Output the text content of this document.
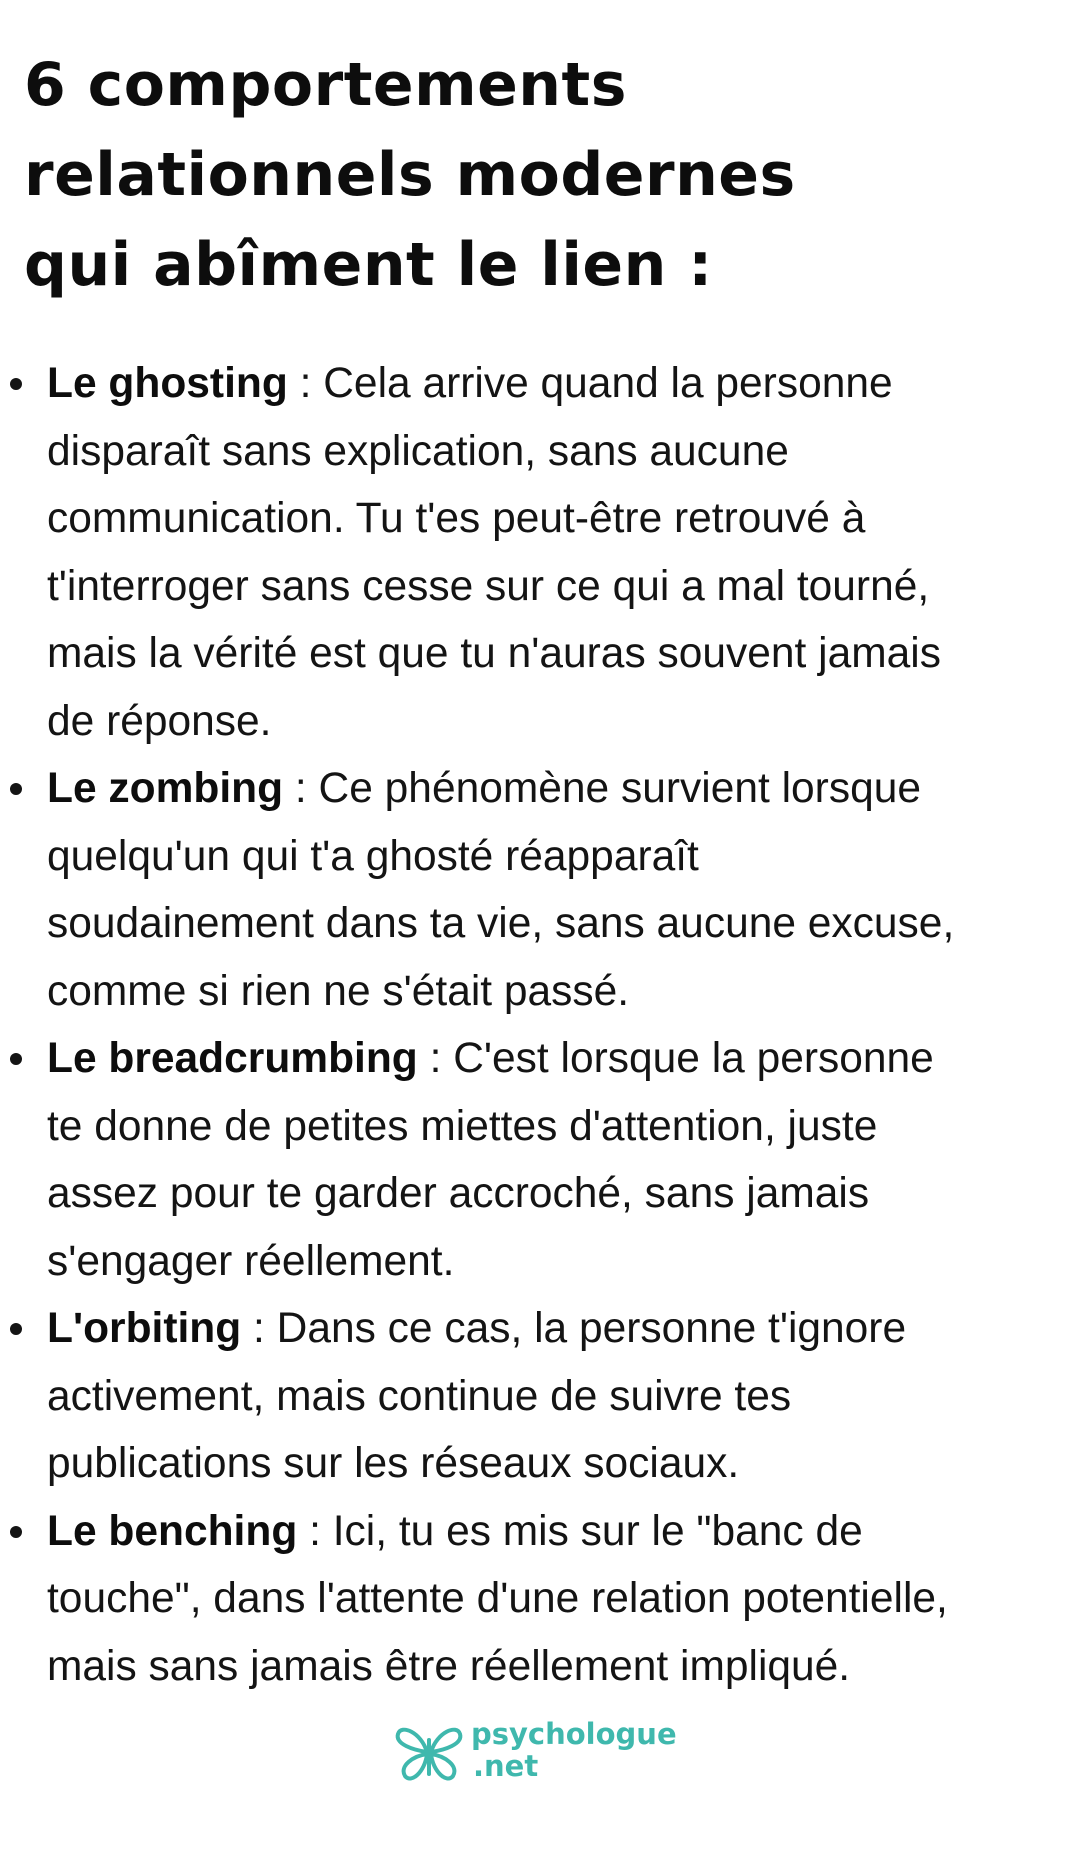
6 comportements
relationnels modernes
qui abîment le lien :
Le ghosting : Cela arrive quand la personne
disparaît sans explication, sans aucune
communication. Tu t'es peut-être retrouvé à
t'interroger sans cesse sur ce qui a mal tourné,
mais la vérité est que tu n'auras souvent jamais
de réponse.
Le zombing : Ce phénomène survient lorsque
quelqu'un qui t'a ghosté réapparaît
soudainement dans ta vie, sans aucune excuse,
comme si rien ne s'était passé.
Le breadcrumbing : C'est lorsque la personne
te donne de petites miettes d'attention, juste
assez pour te garder accroché, sans jamais
s'engager réellement.
L'orbiting : Dans ce cas, la personne t'ignore
activement, mais continue de suivre tes
publications sur les réseaux sociaux.
Le benching : Ici, tu es mis sur le "banc de
touche", dans l'attente d'une relation potentielle,
mais sans jamais être réellement impliqué.
psychologue
.net
